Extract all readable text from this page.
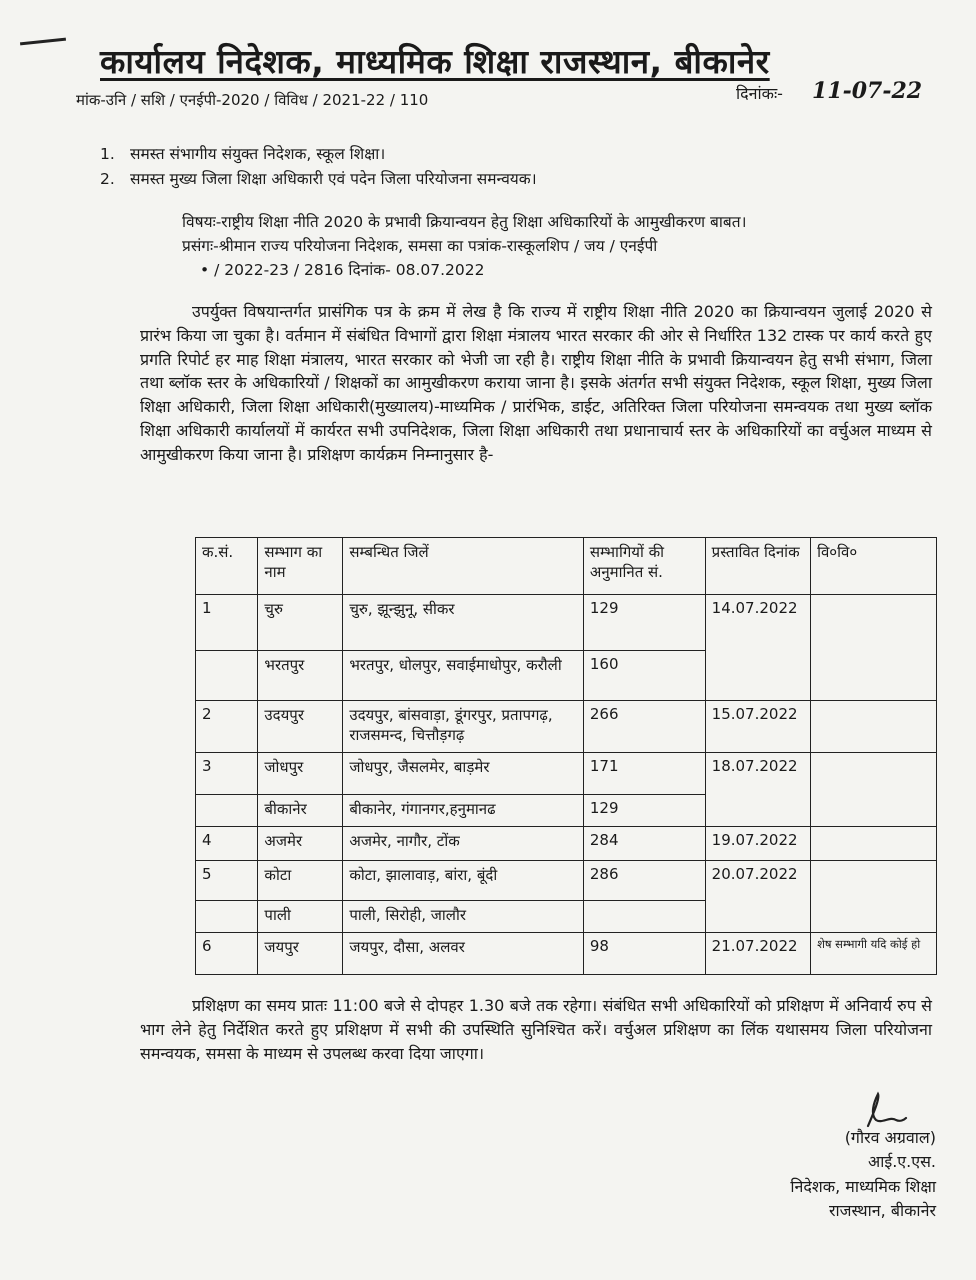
कार्यालय निदेशक, माध्यमिक शिक्षा राजस्थान, बीकानेर
मांक-उनि / सशि / एनईपी-2020 / विविध / 2021-22 / 110	दिनांकः- 11-07-22
1. समस्त संभागीय संयुक्त निदेशक, स्कूल शिक्षा।
2. समस्त मुख्य जिला शिक्षा अधिकारी एवं पदेन जिला परियोजना समन्वयक।
विषयः-राष्ट्रीय शिक्षा नीति 2020 के प्रभावी क्रियान्वयन हेतु शिक्षा अधिकारियों के आमुखीकरण बाबत।
प्रसंगः-श्रीमान राज्य परियोजना निदेशक, समसा का पत्रांक-रास्कूलशिप / जय / एनईपी
• / 2022-23 / 2816 दिनांक- 08.07.2022
उपर्युक्त विषयान्तर्गत प्रासंगिक पत्र के क्रम में लेख है कि राज्य में राष्ट्रीय शिक्षा नीति 2020 का क्रियान्वयन जुलाई 2020 से प्रारंभ किया जा चुका है। वर्तमान में संबंधित विभागों द्वारा शिक्षा मंत्रालय भारत सरकार की ओर से निर्धारित 132 टास्क पर कार्य करते हुए प्रगति रिपोर्ट हर माह शिक्षा मंत्रालय, भारत सरकार को भेजी जा रही है। राष्ट्रीय शिक्षा नीति के प्रभावी क्रियान्वयन हेतु सभी संभाग, जिला तथा ब्लॉक स्तर के अधिकारियों / शिक्षकों का आमुखीकरण कराया जाना है। इसके अंतर्गत सभी संयुक्त निदेशक, स्कूल शिक्षा, मुख्य जिला शिक्षा अधिकारी, जिला शिक्षा अधिकारी(मुख्यालय)-माध्यमिक / प्रारंभिक, डाईट, अतिरिक्त जिला परियोजना समन्वयक तथा मुख्य ब्लॉक शिक्षा अधिकारी कार्यालयों में कार्यरत सभी उपनिदेशक, जिला शिक्षा अधिकारी तथा प्रधानाचार्य स्तर के अधिकारियों का वर्चुअल माध्यम से आमुखीकरण किया जाना है। प्रशिक्षण कार्यक्रम निम्नानुसार है-
क.सं.	सम्भाग का नाम	सम्बन्धित जिलें	सम्भागियों की अनुमानित सं.	प्रस्तावित दिनांक	वि०वि०
1	चुरु	चुरु, झून्झुनू, सीकर	129	14.07.2022	
	भरतपुर	भरतपुर, धोलपुर, सवाईमाधोपुर, करौली	160		
2	उदयपुर	उदयपुर, बांसवाड़ा, डूंगरपुर, प्रतापगढ़, राजसमन्द, चित्तौड़गढ़	266	15.07.2022	
3	जोधपुर	जोधपुर, जैसलमेर, बाड़मेर	171	18.07.2022	
	बीकानेर	बीकानेर, गंगानगर,हनुमानढ	129		
4	अजमेर	अजमेर, नागौर, टोंक	284	19.07.2022	
5	कोटा	कोटा, झालावाड़, बांरा, बूंदी	286	20.07.2022	
	पाली	पाली, सिरोही, जालौर			
6	जयपुर	जयपुर, दौसा, अलवर	98	21.07.2022	शेष सम्भागी यदि कोई हो
प्रशिक्षण का समय प्रातः 11:00 बजे से दोपहर 1.30 बजे तक रहेगा। संबंधित सभी अधिकारियों को प्रशिक्षण में अनिवार्य रुप से भाग लेने हेतु निर्देशित करते हुए प्रशिक्षण में सभी की उपस्थिति सुनिश्चित करें। वर्चुअल प्रशिक्षण का लिंक यथासमय जिला परियोजना समन्वयक, समसा के माध्यम से उपलब्ध करवा दिया जाएगा।
(गौरव अग्रवाल)
आई.ए.एस.
निदेशक, माध्यमिक शिक्षा
राजस्थान, बीकानेर
